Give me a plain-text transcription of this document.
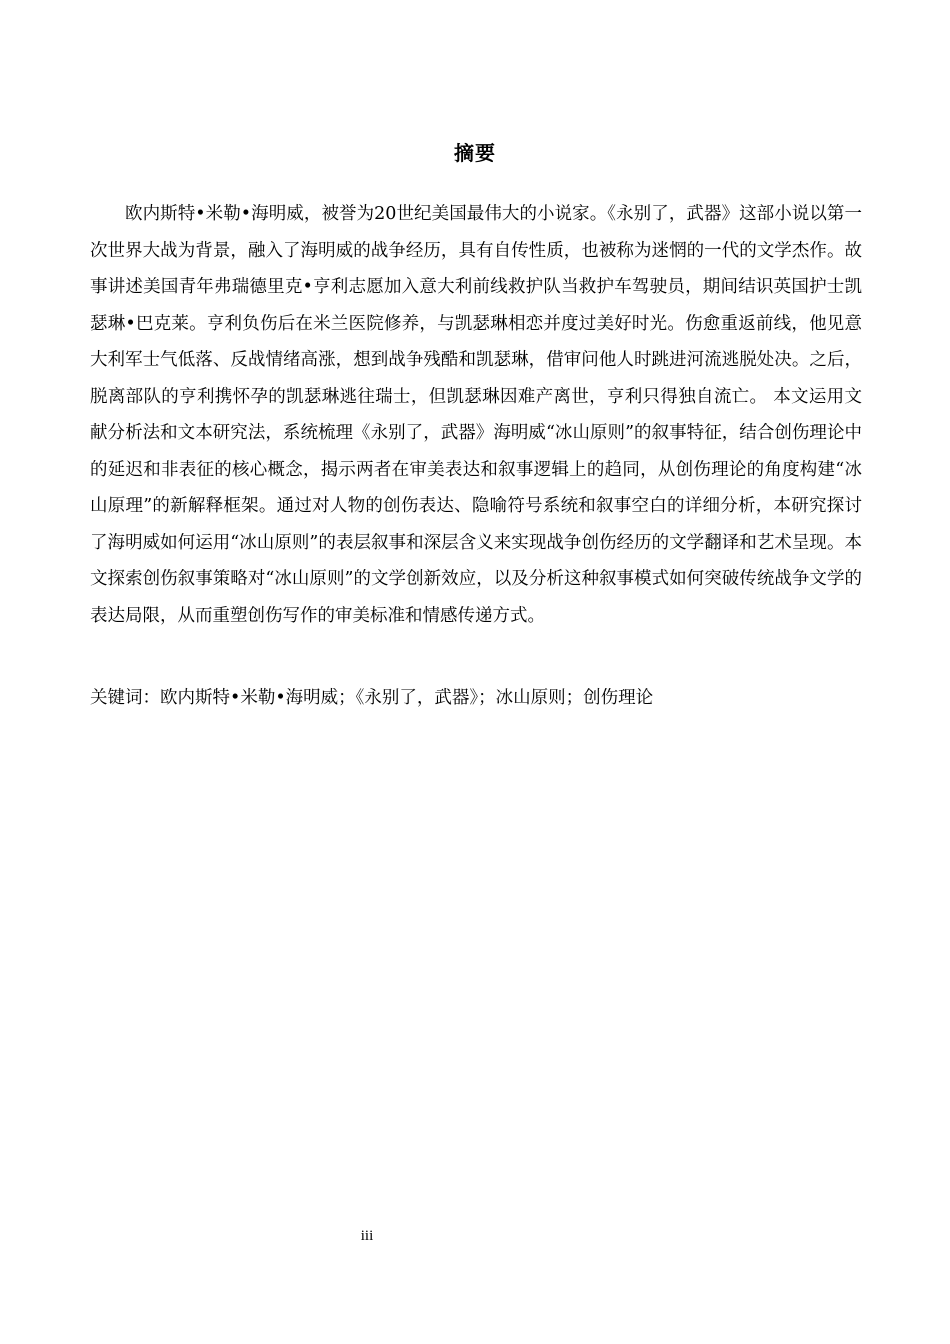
摘要

欧内斯特•米勒•海明威，被誉为20世纪美国最伟大的小说家。《永别了，武器》这部小说以第一次世界大战为背景，融入了海明威的战争经历，具有自传性质，也被称为迷惘的一代的文学杰作。故事讲述美国青年弗瑞德里克•亨利志愿加入意大利前线救护队当救护车驾驶员，期间结识英国护士凯瑟琳•巴克莱。亨利负伤后在米兰医院修养，与凯瑟琳相恋并度过美好时光。伤愈重返前线，他见意大利军士气低落、反战情绪高涨，想到战争残酷和凯瑟琳，借审问他人时跳进河流逃脱处决。之后，脱离部队的亨利携怀孕的凯瑟琳逃往瑞士，但凯瑟琳因难产离世，亨利只得独自流亡。 本文运用文献分析法和文本研究法，系统梳理《永别了，武器》海明威“冰山原则”的叙事特征，结合创伤理论中的延迟和非表征的核心概念，揭示两者在审美表达和叙事逻辑上的趋同，从创伤理论的角度构建“冰山原理”的新解释框架。通过对人物的创伤表达、隐喻符号系统和叙事空白的详细分析，本研究探讨了海明威如何运用“冰山原则”的表层叙事和深层含义来实现战争创伤经历的文学翻译和艺术呈现。本文探索创伤叙事策略对“冰山原则”的文学创新效应，以及分析这种叙事模式如何突破传统战争文学的表达局限，从而重塑创伤写作的审美标准和情感传递方式。

关键词：欧内斯特•米勒•海明威；《永别了，武器》；冰山原则；创伤理论

iii
